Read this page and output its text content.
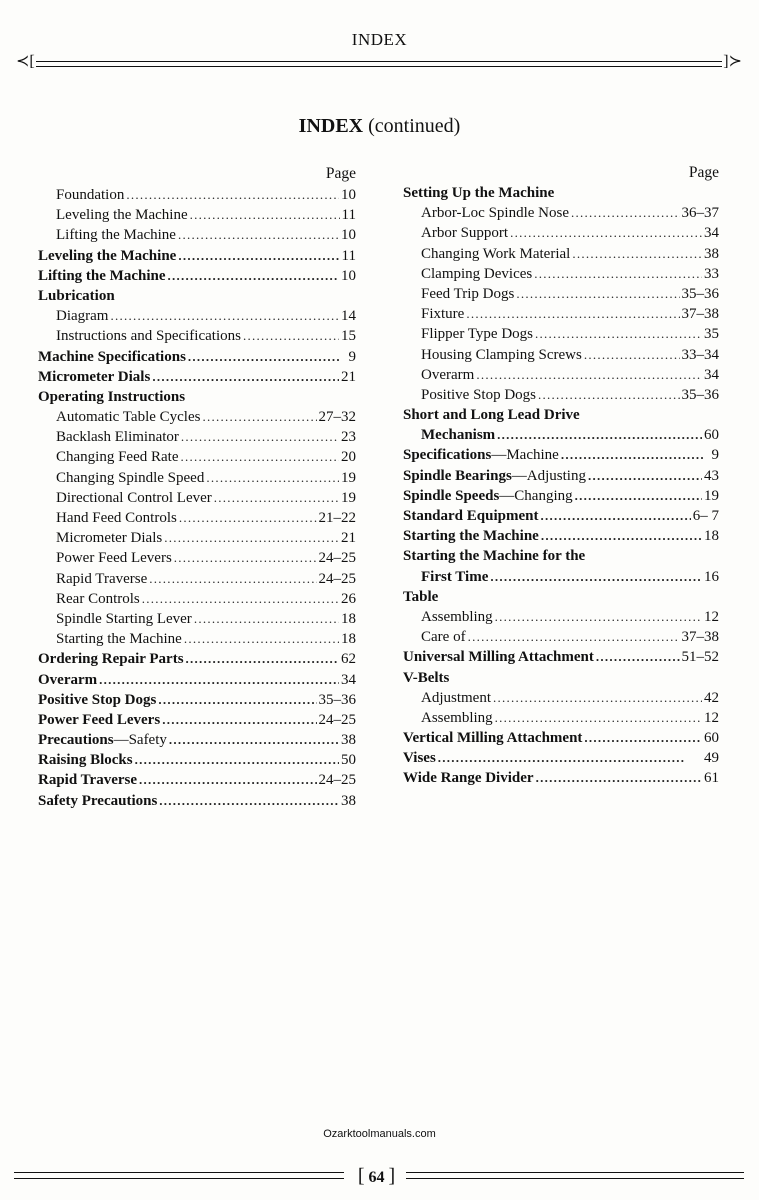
INDEX
≺[	]≻
INDEX (continued)
Page
Foundation . . .	10
Leveling the Machine . . .	11
Lifting the Machine . . .	10
Leveling the Machine . . .	11
Lifting the Machine . . .	10
Lubrication
Diagram . . .	14
Instructions and Specifications . . .	15
Machine Specifications . . .	9
Micrometer Dials . . .	21
Operating Instructions
Automatic Table Cycles . . .	27–32
Backlash Eliminator . . .	23
Changing Feed Rate . . .	20
Changing Spindle Speed . . .	19
Directional Control Lever . . .	19
Hand Feed Controls . . .	21–22
Micrometer Dials . . .	21
Power Feed Levers . . .	24–25
Rapid Traverse . . .	24–25
Rear Controls . . .	26
Spindle Starting Lever . . .	18
Starting the Machine . . .	18
Ordering Repair Parts . . .	62
Overarm . . .	34
Positive Stop Dogs . . .	35–36
Power Feed Levers . . .	24–25
Precautions—Safety . . .	38
Raising Blocks . . .	50
Rapid Traverse . . .	24–25
Safety Precautions . . .	38
Page
Setting Up the Machine
Arbor-Loc Spindle Nose . . .	36–37
Arbor Support . . .	34
Changing Work Material . . .	38
Clamping Devices . . .	33
Feed Trip Dogs . . .	35–36
Fixture . . .	37–38
Flipper Type Dogs . . .	35
Housing Clamping Screws . . .	33–34
Overarm . . .	34
Positive Stop Dogs . . .	35–36
Short and Long Lead Drive
Mechanism . . .	60
Specifications—Machine . . .	9
Spindle Bearings—Adjusting . . .	43
Spindle Speeds—Changing . . .	19
Standard Equipment . . .	6– 7
Starting the Machine . . .	18
Starting the Machine for the
First Time . . .	16
Table
Assembling . . .	12
Care of . . .	37–38
Universal Milling Attachment . . .	51–52
V-Belts
Adjustment . . .	42
Assembling . . .	12
Vertical Milling Attachment . . .	60
Vises . . .	49
Wide Range Divider . . .	61
Ozarktoolmanuals.com
[ 64 ]
